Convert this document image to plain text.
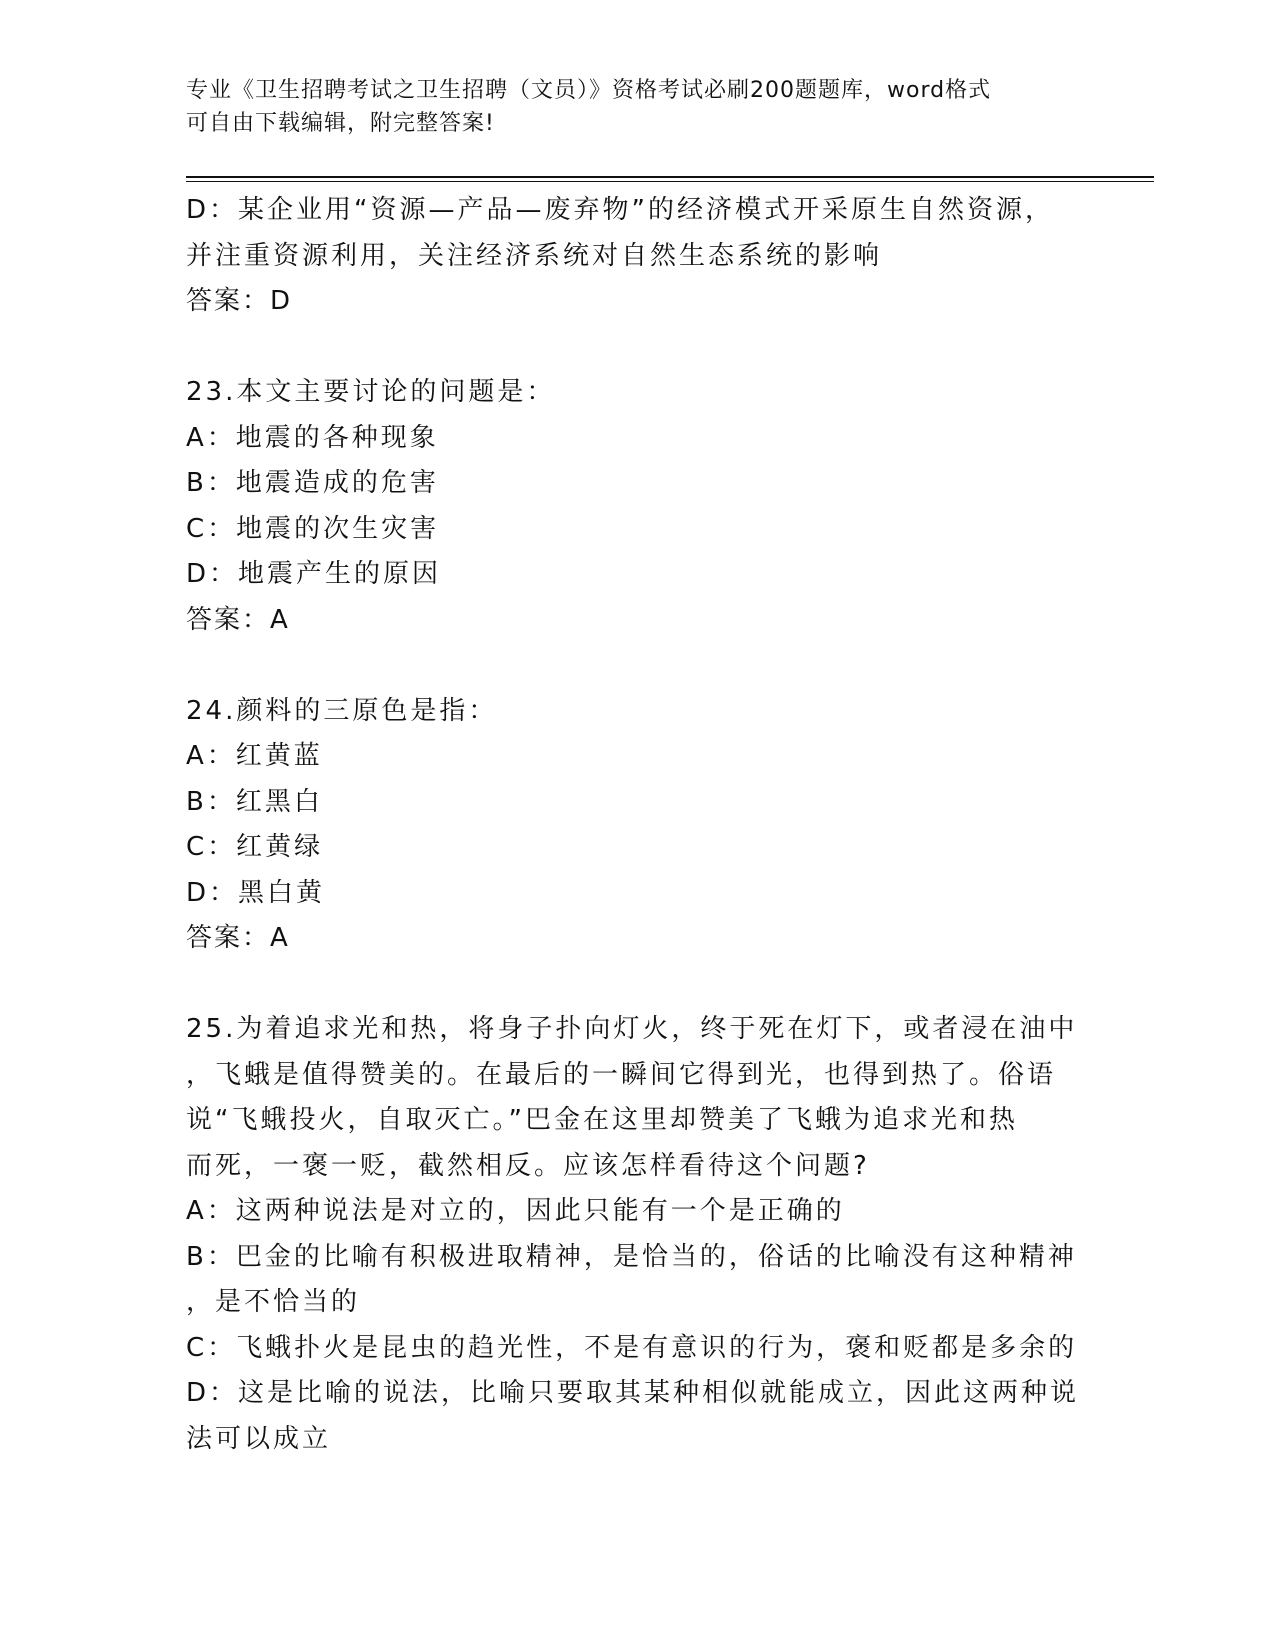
专业《卫生招聘考试之卫生招聘（文员）》资格考试必刷200题题库，word格式
可自由下载编辑，附完整答案!
D：某企业用“资源—产品—废弃物”的经济模式开采原生自然资源，
并注重资源利用，关注经济系统对自然生态系统的影响
答案：D
23.本文主要讨论的问题是：
A：地震的各种现象
B：地震造成的危害
C：地震的次生灾害
D：地震产生的原因
答案：A
24.颜料的三原色是指：
A：红黄蓝
B：红黑白
C：红黄绿
D：黑白黄
答案：A
25.为着追求光和热，将身子扑向灯火，终于死在灯下，或者浸在油中
，飞蛾是值得赞美的。在最后的一瞬间它得到光，也得到热了。俗语
说“飞蛾投火，自取灭亡。”巴金在这里却赞美了飞蛾为追求光和热
而死，一褒一贬，截然相反。应该怎样看待这个问题?
A：这两种说法是对立的，因此只能有一个是正确的
B：巴金的比喻有积极进取精神，是恰当的，俗话的比喻没有这种精神
，是不恰当的
C：飞蛾扑火是昆虫的趋光性，不是有意识的行为，褒和贬都是多余的
D：这是比喻的说法，比喻只要取其某种相似就能成立，因此这两种说
法可以成立
